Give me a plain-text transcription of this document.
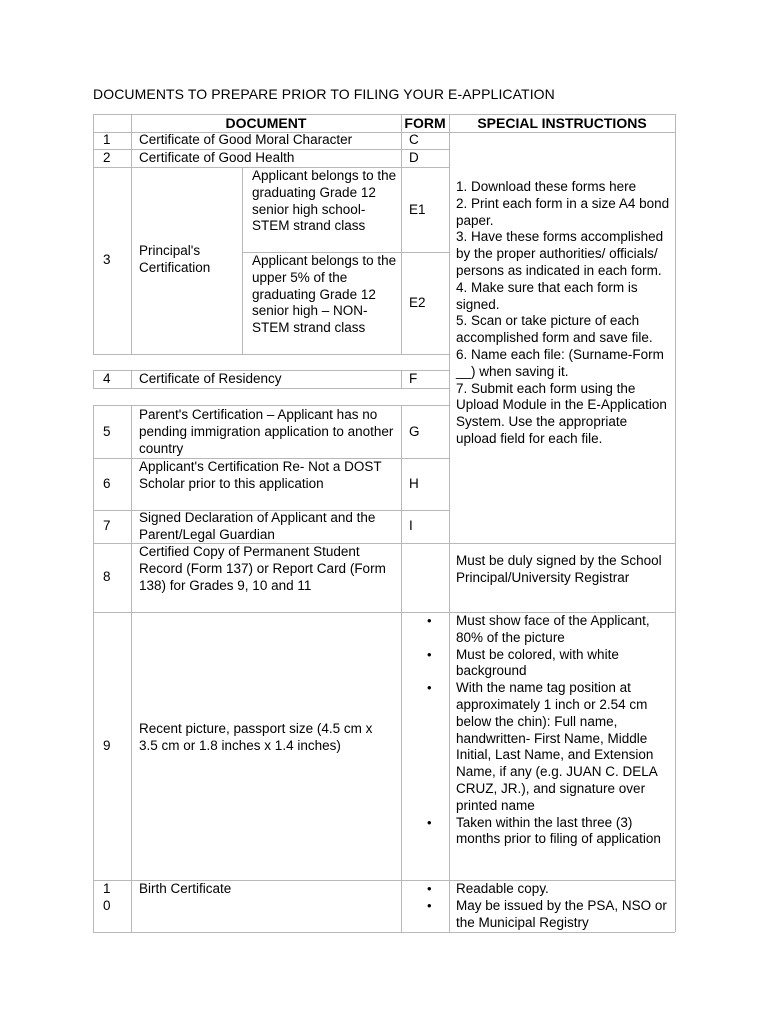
DOCUMENTS TO PREPARE PRIOR TO FILING YOUR E-APPLICATION
DOCUMENT	FORM	SPECIAL INSTRUCTIONS
1 Certificate of Good Moral Character	C
2 Certificate of Good Health	D
3
Principal's Certification
Applicant belongs to the graduating Grade 12 senior high school-STEM strand class
E1
Applicant belongs to the upper 5% of the graduating Grade 12 senior high – NON-STEM strand class
E2
1. Download these forms here
2. Print each form in a size A4 bond paper.
3. Have these forms accomplished by the proper authorities/ officials/ persons as indicated in each form.
4. Make sure that each form is signed.
5. Scan or take picture of each accomplished form and save file.
6. Name each file: (Surname-Form __) when saving it.
7. Submit each form using the Upload Module in the E-Application System. Use the appropriate upload field for each file.
4 Certificate of Residency	F
5
Parent's Certification – Applicant has no pending immigration application to another country
G
6
Applicant's Certification Re- Not a DOST Scholar prior to this application	H
7
Signed Declaration of Applicant and the Parent/Legal Guardian
I
8
Certified Copy of Permanent Student Record (Form 137) or Report Card (Form 138) for Grades 9, 10 and 11
Must be duly signed by the School Principal/University Registrar
9
Recent picture, passport size (4.5 cm x 3.5 cm or 1.8 inches x 1.4 inches)
• Must show face of the Applicant, 80% of the picture
• Must be colored, with white background
• With the name tag position at approximately 1 inch or 2.54 cm below the chin): Full name, handwritten- First Name, Middle Initial, Last Name, and Extension Name, if any (e.g. JUAN C. DELA CRUZ, JR.), and signature over printed name
• Taken within the last three (3) months prior to filing of application
1
0
Birth Certificate
•	Readable copy.
• May be issued by the PSA, NSO or the Municipal Registry
